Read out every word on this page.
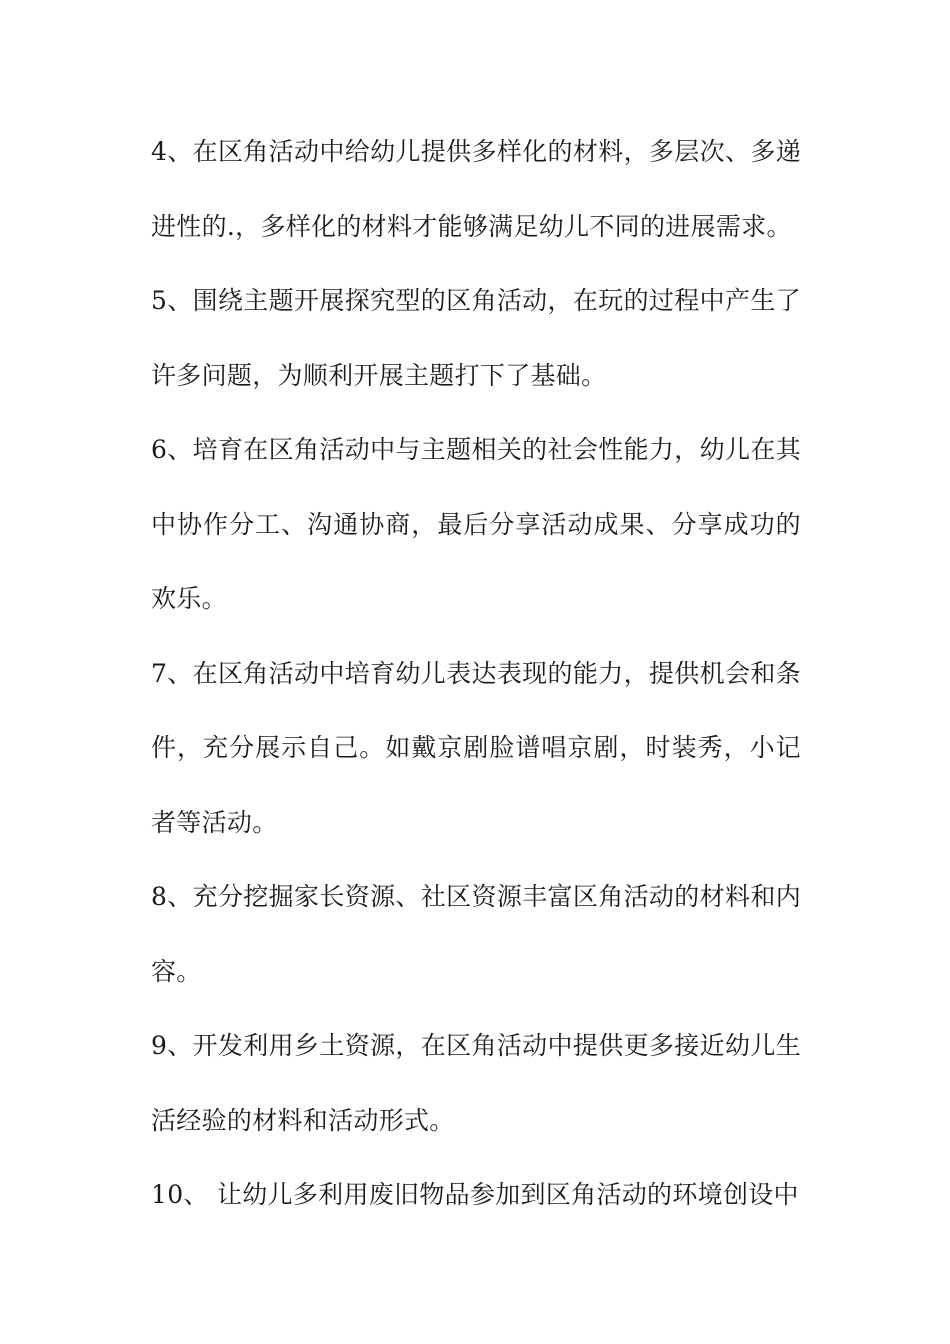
4、在区角活动中给幼儿提供多样化的材料，多层次、多递进性的.，多样化的材料才能够满足幼儿不同的进展需求。

5、围绕主题开展探究型的区角活动，在玩的过程中产生了许多问题，为顺利开展主题打下了基础。

6、培育在区角活动中与主题相关的社会性能力，幼儿在其中协作分工、沟通协商，最后分享活动成果、分享成功的欢乐。

7、在区角活动中培育幼儿表达表现的能力，提供机会和条件，充分展示自己。如戴京剧脸谱唱京剧，时装秀，小记者等活动。

8、充分挖掘家长资源、社区资源丰富区角活动的材料和内容。

9、开发利用乡土资源，在区角活动中提供更多接近幼儿生活经验的材料和活动形式。

10、 让幼儿多利用废旧物品参加到区角活动的环境创设中
